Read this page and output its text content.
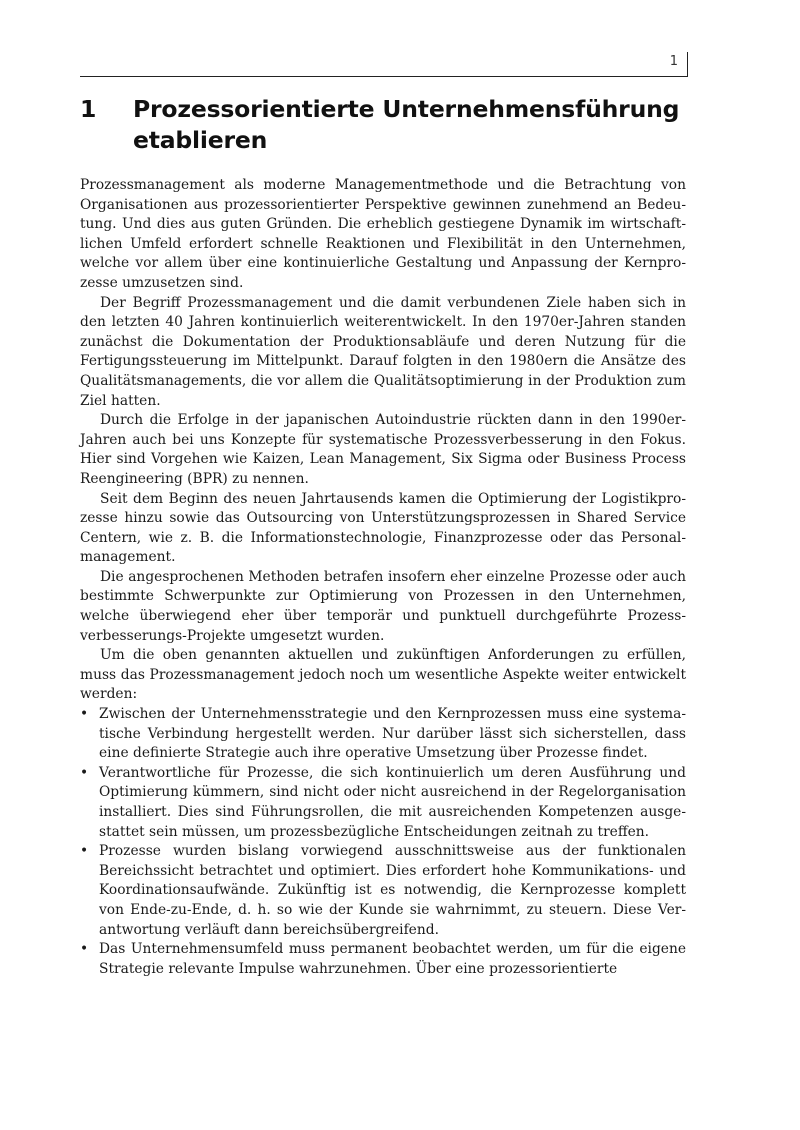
1
1	Prozessorientierte Unternehmensführung etablieren

Prozessmanagement als moderne Managementmethode und die Betrachtung von Organisationen aus prozessorientierter Perspektive gewinnen zunehmend an Bedeutung. Und dies aus guten Gründen. Die erheblich gestiegene Dynamik im wirtschaftlichen Umfeld erfordert schnelle Reaktionen und Flexibilität in den Unternehmen, welche vor allem über eine kontinuierliche Gestaltung und Anpassung der Kernprozesse umzusetzen sind.

Der Begriff Prozessmanagement und die damit verbundenen Ziele haben sich in den letzten 40 Jahren kontinuierlich weiterentwickelt. In den 1970er-Jahren standen zunächst die Dokumentation der Produktionsabläufe und deren Nutzung für die Fertigungssteuerung im Mittelpunkt. Darauf folgten in den 1980ern die Ansätze des Qualitätsmanagements, die vor allem die Qualitätsoptimierung in der Produktion zum Ziel hatten.

Durch die Erfolge in der japanischen Autoindustrie rückten dann in den 1990er-Jahren auch bei uns Konzepte für systematische Prozessverbesserung in den Fokus. Hier sind Vorgehen wie Kaizen, Lean Management, Six Sigma oder Business Process Reengineering (BPR) zu nennen.

Seit dem Beginn des neuen Jahrtausends kamen die Optimierung der Logistikprozesse hinzu sowie das Outsourcing von Unterstützungsprozessen in Shared Service Centern, wie z. B. die Informationstechnologie, Finanzprozesse oder das Personalmanagement.

Die angesprochenen Methoden betrafen insofern eher einzelne Prozesse oder auch bestimmte Schwerpunkte zur Optimierung von Prozessen in den Unternehmen, welche überwiegend eher über temporär und punktuell durchgeführte Prozessverbesserungs-Projekte umgesetzt wurden.

Um die oben genannten aktuellen und zukünftigen Anforderungen zu erfüllen, muss das Prozessmanagement jedoch noch um wesentliche Aspekte weiter entwickelt werden:

• Zwischen der Unternehmensstrategie und den Kernprozessen muss eine systematische Verbindung hergestellt werden. Nur darüber lässt sich sicherstellen, dass eine definierte Strategie auch ihre operative Umsetzung über Prozesse findet.
• Verantwortliche für Prozesse, die sich kontinuierlich um deren Ausführung und Optimierung kümmern, sind nicht oder nicht ausreichend in der Regelorganisation installiert. Dies sind Führungsrollen, die mit ausreichenden Kompetenzen ausgestattet sein müssen, um prozessbezügliche Entscheidungen zeitnah zu treffen.
• Prozesse wurden bislang vorwiegend ausschnittsweise aus der funktionalen Bereichssicht betrachtet und optimiert. Dies erfordert hohe Kommunikations- und Koordinationsaufwände. Zukünftig ist es notwendig, die Kernprozesse komplett von Ende-zu-Ende, d. h. so wie der Kunde sie wahrnimmt, zu steuern. Diese Verantwortung verläuft dann bereichsübergreifend.
• Das Unternehmensumfeld muss permanent beobachtet werden, um für die eigene Strategie relevante Impulse wahrzunehmen. Über eine prozessorientierte
